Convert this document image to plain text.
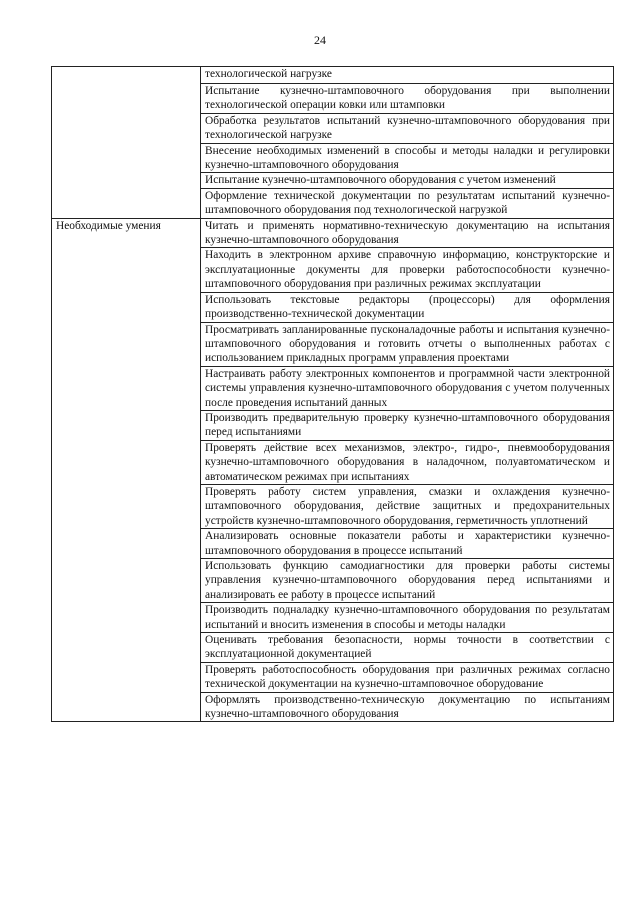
24
	технологической нагрузке
	Испытание кузнечно-штамповочного оборудования при выполнении технологической операции ковки или штамповки
	Обработка результатов испытаний кузнечно-штамповочного оборудования при технологической нагрузке
	Внесение необходимых изменений в способы и методы наладки и регулировки кузнечно-штамповочного оборудования
	Испытание кузнечно-штамповочного оборудования с учетом изменений
	Оформление технической документации по результатам испытаний кузнечно-штамповочного оборудования под технологической нагрузкой
Необходимые умения	Читать и применять нормативно-техническую документацию на испытания кузнечно-штамповочного оборудования
	Находить в электронном архиве справочную информацию, конструкторские и эксплуатационные документы для проверки работоспособности кузнечно-штамповочного оборудования при различных режимах эксплуатации
	Использовать текстовые редакторы (процессоры) для оформления производственно-технической документации
	Просматривать запланированные пусконаладочные работы и испытания кузнечно-штамповочного оборудования и готовить отчеты о выполненных работах с использованием прикладных программ управления проектами
	Настраивать работу электронных компонентов и программной части электронной системы управления кузнечно-штамповочного оборудования с учетом полученных после проведения испытаний данных
	Производить предварительную проверку кузнечно-штамповочного оборудования перед испытаниями
	Проверять действие всех механизмов, электро-, гидро-, пневмооборудования кузнечно-штамповочного оборудования в наладочном, полуавтоматическом и автоматическом режимах при испытаниях
	Проверять работу систем управления, смазки и охлаждения кузнечно-штамповочного оборудования, действие защитных и предохранительных устройств кузнечно-штамповочного оборудования, герметичность уплотнений
	Анализировать основные показатели работы и характеристики кузнечно-штамповочного оборудования в процессе испытаний
	Использовать функцию самодиагностики для проверки работы системы управления кузнечно-штамповочного оборудования перед испытаниями и анализировать ее работу в процессе испытаний
	Производить подналадку кузнечно-штамповочного оборудования по результатам испытаний и вносить изменения в способы и методы наладки
	Оценивать требования безопасности, нормы точности в соответствии с эксплуатационной документацией
	Проверять работоспособность оборудования при различных режимах согласно технической документации на кузнечно-штамповочное оборудование
	Оформлять производственно-техническую документацию по испытаниям кузнечно-штамповочного оборудования
